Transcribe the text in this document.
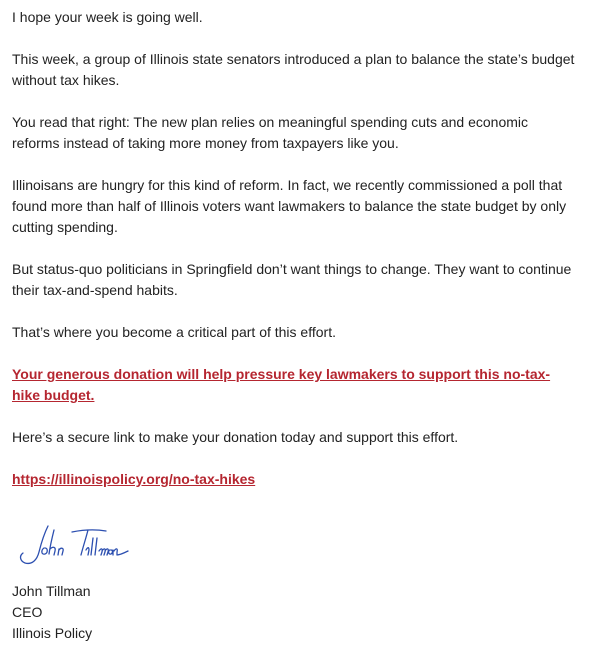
I hope your week is going well.

This week, a group of Illinois state senators introduced a plan to balance the state’s budget without tax hikes.

You read that right: The new plan relies on meaningful spending cuts and economic reforms instead of taking more money from taxpayers like you.

Illinoisans are hungry for this kind of reform. In fact, we recently commissioned a poll that found more than half of Illinois voters want lawmakers to balance the state budget by only cutting spending.

But status-quo politicians in Springfield don’t want things to change. They want to continue their tax-and-spend habits.

That’s where you become a critical part of this effort.

Your generous donation will help pressure key lawmakers to support this no-tax-hike budget.

Here’s a secure link to make your donation today and support this effort.

https://illinoispolicy.org/no-tax-hikes

John Tillman

CEO

Illinois Policy
